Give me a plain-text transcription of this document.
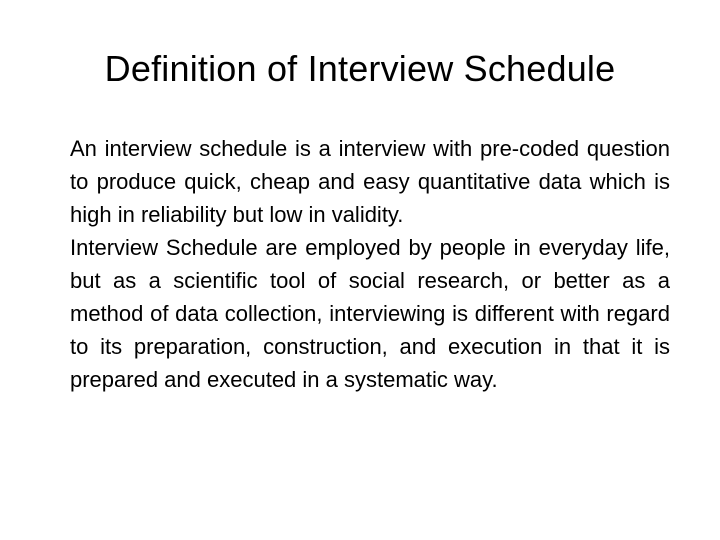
Definition of Interview Schedule

An interview schedule is a interview with pre-coded question to produce quick, cheap and easy quantitative data which is high in reliability but low in validity.

Interview Schedule are employed by people in everyday life, but as a scientific tool of social research, or better as a method of data collection, interviewing is different with regard to its preparation, construction, and execution in that it is prepared and executed in a systematic way.
